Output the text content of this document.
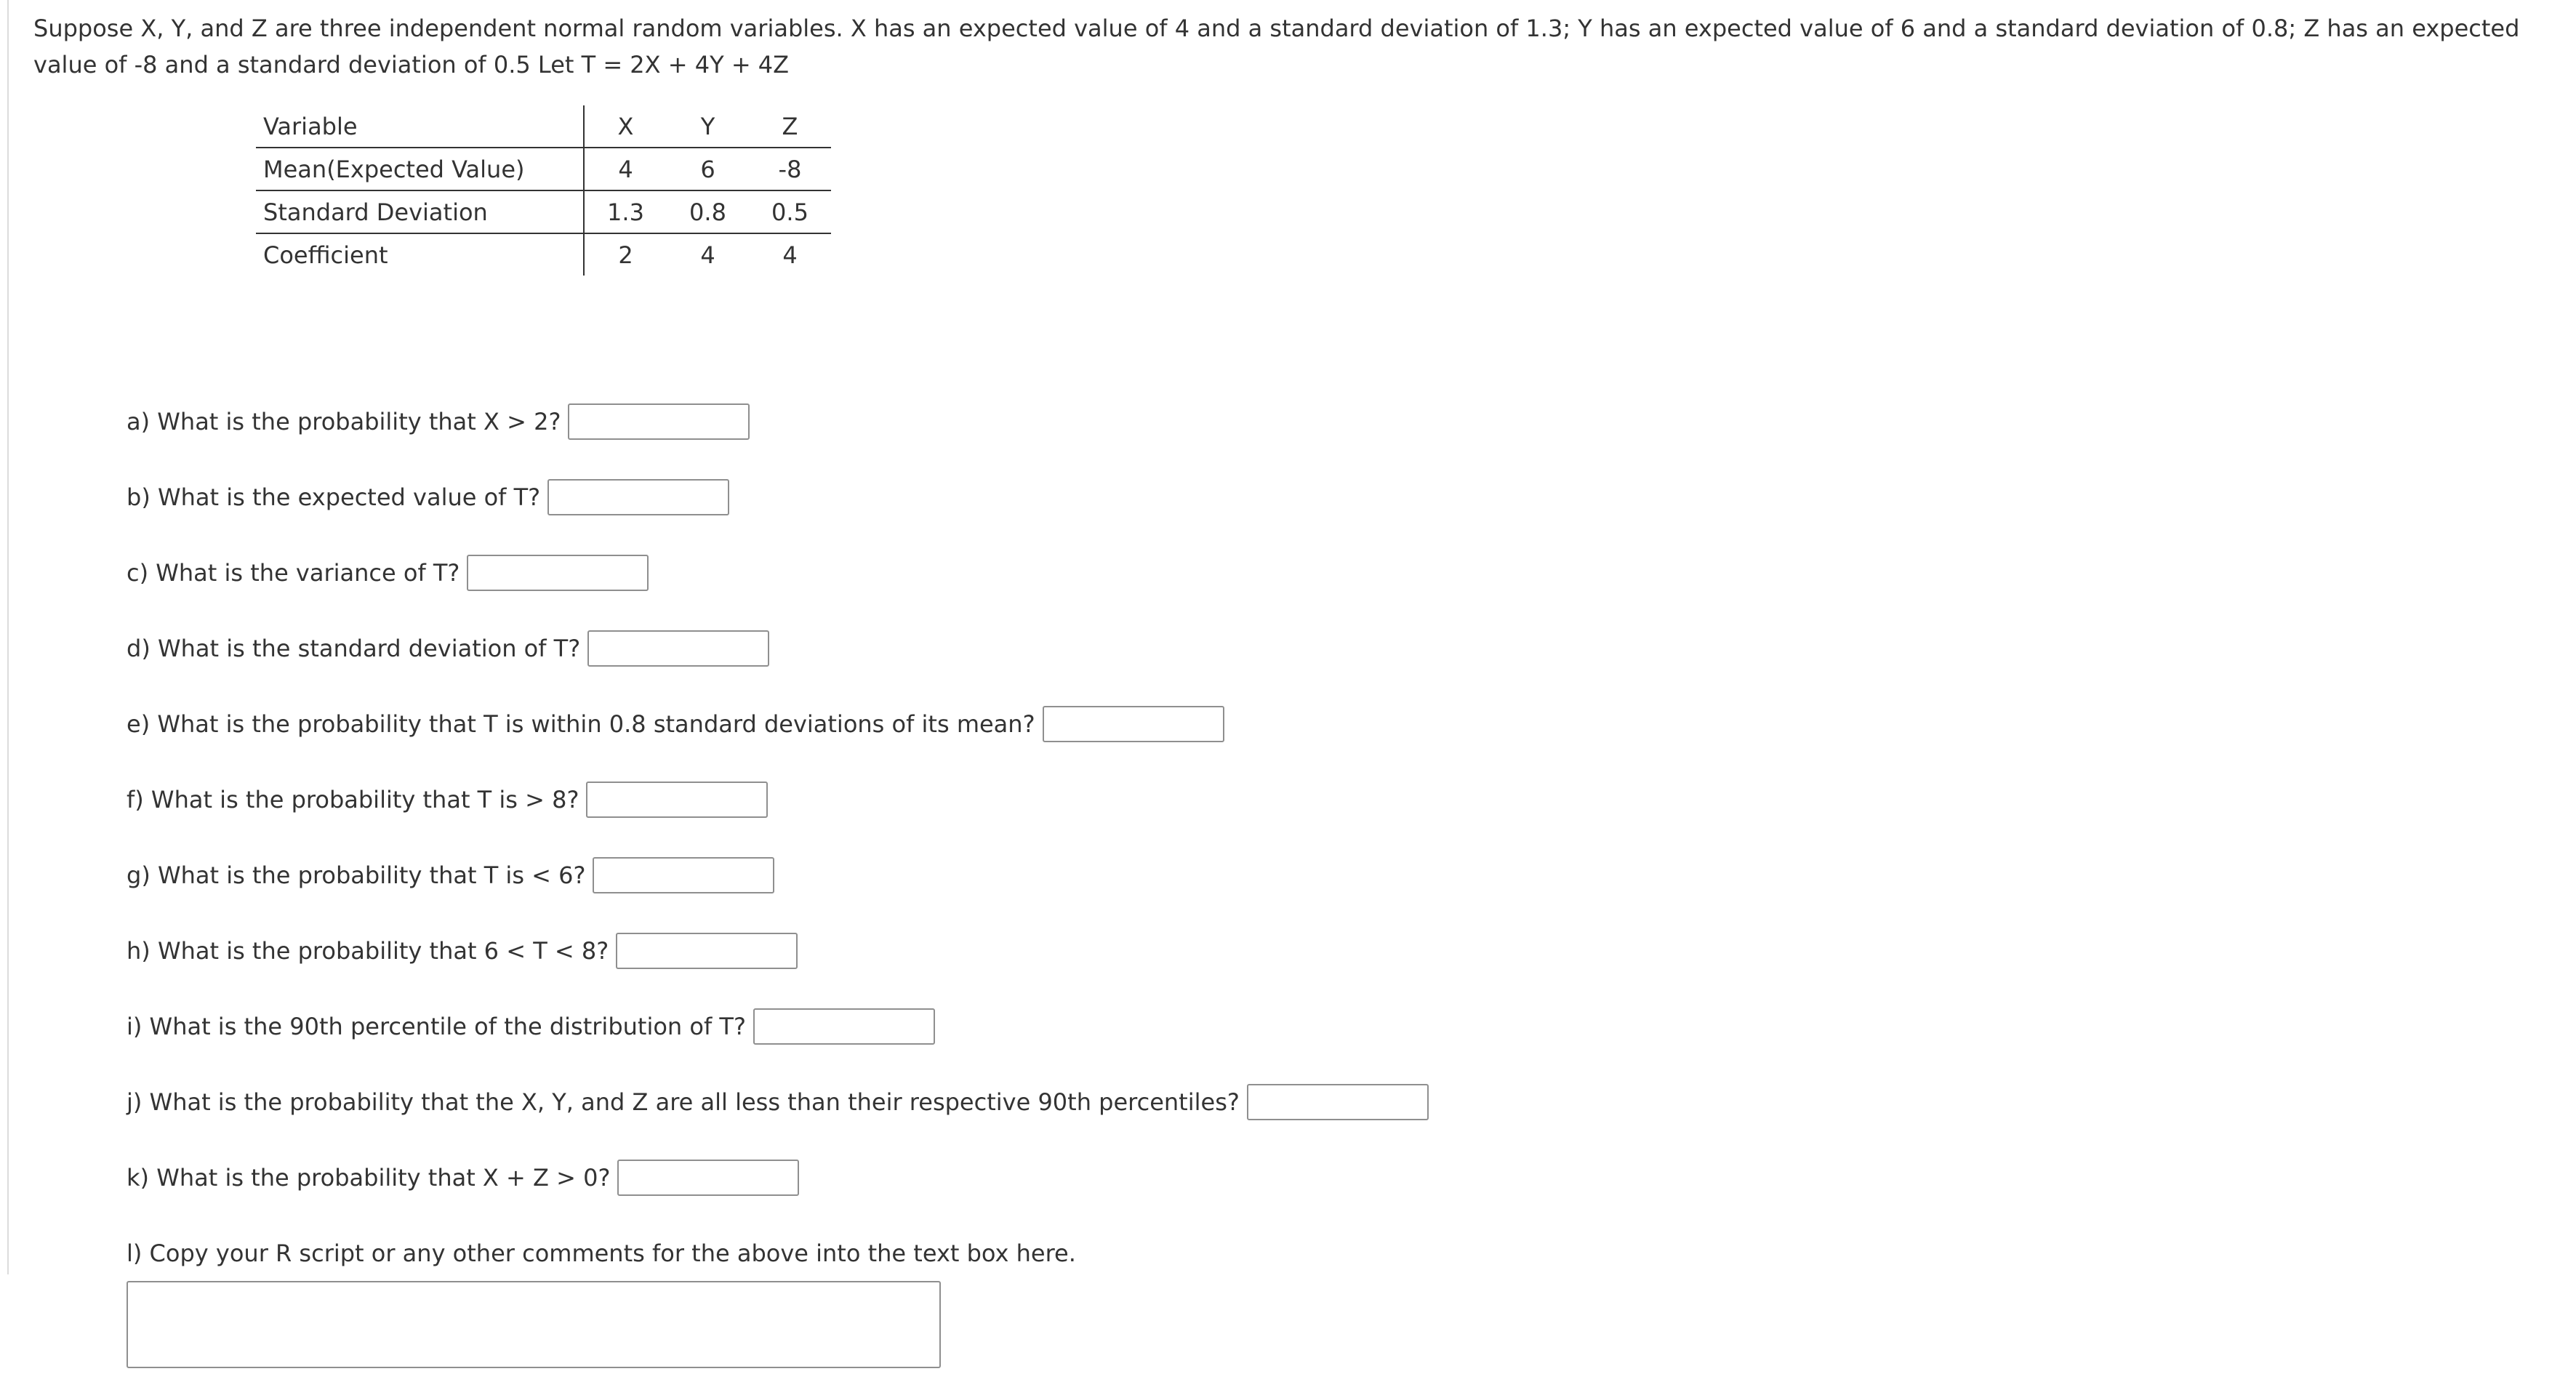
Suppose X, Y, and Z are three independent normal random variables. X has an expected value of 4 and a standard deviation of 1.3; Y has an expected value of 6 and a standard deviation of 0.8; Z has an expected value of -8 and a standard deviation of 0.5 Let T = 2X + 4Y + 4Z

Variable	X	Y	Z
Mean(Expected Value)	4	6	-8
Standard Deviation	1.3	0.8	0.5
Coefficient	2	4	4
a) What is the probability that X > 2?
b) What is the expected value of T?
c) What is the variance of T?
d) What is the standard deviation of T?
e) What is the probability that T is within 0.8 standard deviations of its mean?
f) What is the probability that T is > 8?
g) What is the probability that T is < 6?
h) What is the probability that 6 < T < 8?
i) What is the 90th percentile of the distribution of T?
j) What is the probability that the X, Y, and Z are all less than their respective 90th percentiles?
k) What is the probability that X + Z > 0?
l) Copy your R script or any other comments for the above into the text box here.
